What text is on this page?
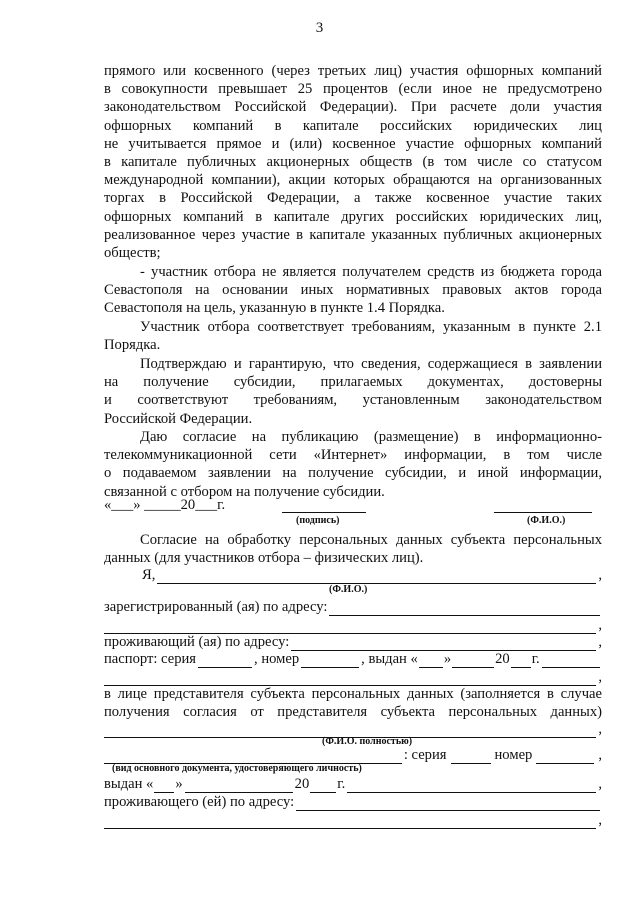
3
прямого или косвенного (через третьих лиц) участия офшорных компаний
в совокупности превышает 25 процентов (если иное не предусмотрено
законодательством Российской Федерации). При расчете доли участия
офшорных компаний в капитале российских юридических лиц
не учитывается прямое и (или) косвенное участие офшорных компаний
в капитале публичных акционерных обществ (в том числе со статусом
международной компании), акции которых обращаются на организованных
торгах в Российской Федерации, а также косвенное участие таких
офшорных компаний в капитале других российских юридических лиц,
реализованное через участие в капитале указанных публичных акционерных
обществ;
- участник отбора не является получателем средств из бюджета города
Севастополя на основании иных нормативных правовых актов города
Севастополя на цель, указанную в пункте 1.4 Порядка.
Участник отбора соответствует требованиям, указанным в пункте 2.1
Порядка.
Подтверждаю и гарантирую, что сведения, содержащиеся в заявлении
на получение субсидии, прилагаемых документах, достоверны
и соответствуют требованиям, установленным законодательством
Российской Федерации.
Даю согласие на публикацию (размещение) в информационно-
телекоммуникационной сети «Интернет» информации, в том числе
о подаваемом заявлении на получение субсидии, и иной информации,
связанной с отбором на получение субсидии.
«___» _____20___г.
(подпись)	(Ф.И.О.)
Согласие на обработку персональных данных субъекта персональных
данных (для участников отбора – физических лиц).
Я,	,
(Ф.И.О.)
зарегистрированный (ая) по адресу:
,
проживающий (ая) по адресу:	,
паспорт: серия	, номер	, выдан « »	20 г.
,
в лице представителя субъекта персональных данных (заполняется в случае
получения согласия от представителя субъекта персональных данных)
,
(Ф.И.О. полностью)
: серия	номер	,
(вид основного документа, удостоверяющего личность)
выдан « »	20 г.	,
проживающего (ей) по адресу:
,
